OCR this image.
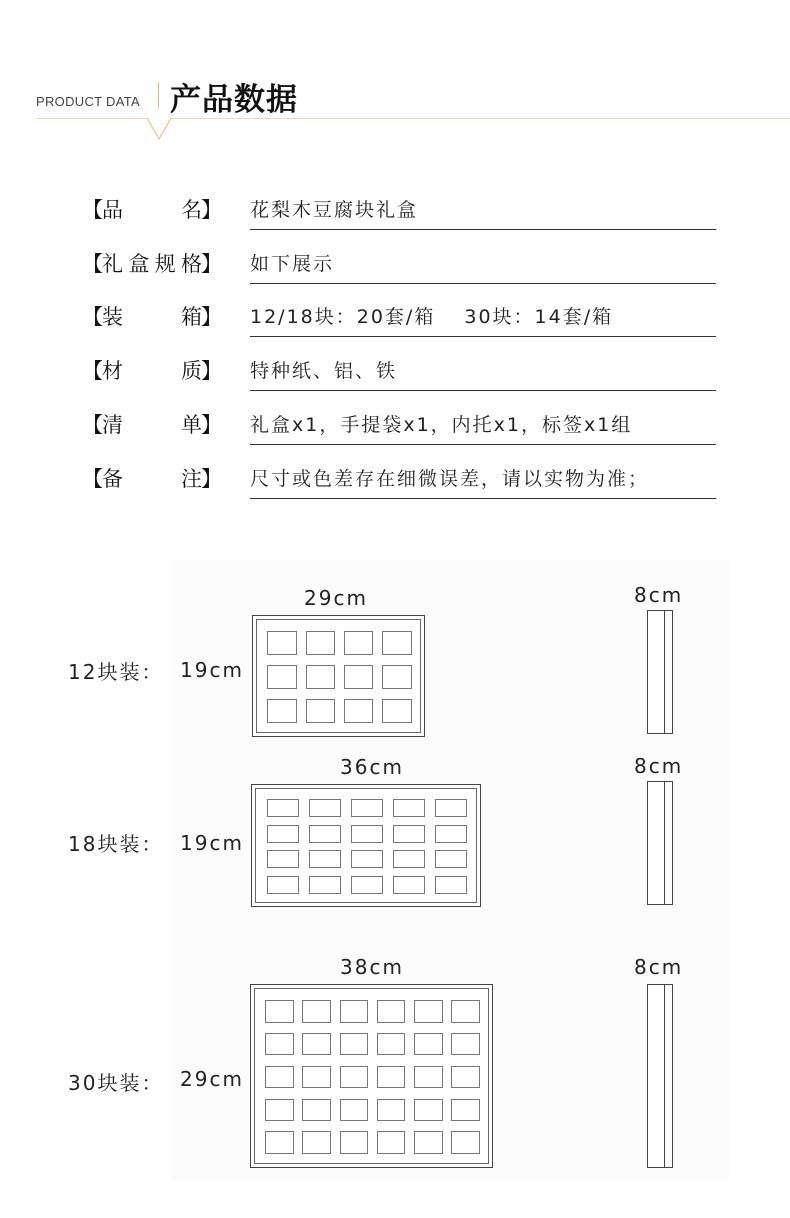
PRODUCT DATA 产品数据
【 品	名 】 花梨木豆腐块礼盒
【 礼 盒 规 格 】 如下展示
【 装	箱 】 12/18块：20套/箱　 30块：14套/箱
【 材	质 】 特种纸、铝、铁
【 清	单 】 礼盒x1，手提袋x1，内托x1，标签x1组
【 备	注 】 尺寸或色差存在细微误差，请以实物为准；
12块装： 19cm
29cm	8cm
18块装： 19cm
36cm	8cm
30块装： 29cm
38cm	8cm
